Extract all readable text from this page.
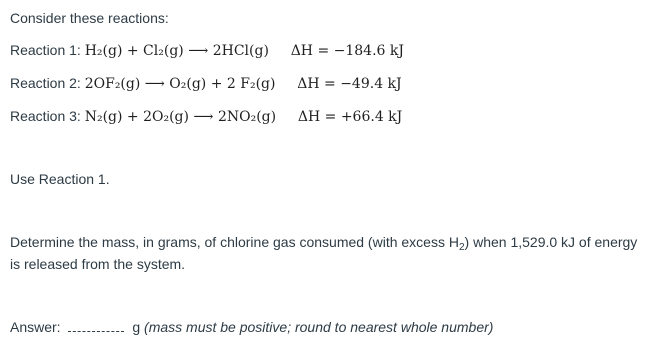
Consider these reactions:
Reaction 1: H₂(g) + Cl₂(g) ⟶ 2HCl(g) ΔH = −184.6 kJ
Reaction 2: 2OF₂(g) ⟶ O₂(g) + 2 F₂(g) ΔH = −49.4 kJ
Reaction 3: N₂(g) + 2O₂(g) ⟶ 2NO₂(g) ΔH = +66.4 kJ
Use Reaction 1.
Determine the mass, in grams, of chlorine gas consumed (with excess $H_2$) when 1,529.0 kJ of energy is released from the system.
Answer:	g (mass must be positive; round to nearest whole number)
